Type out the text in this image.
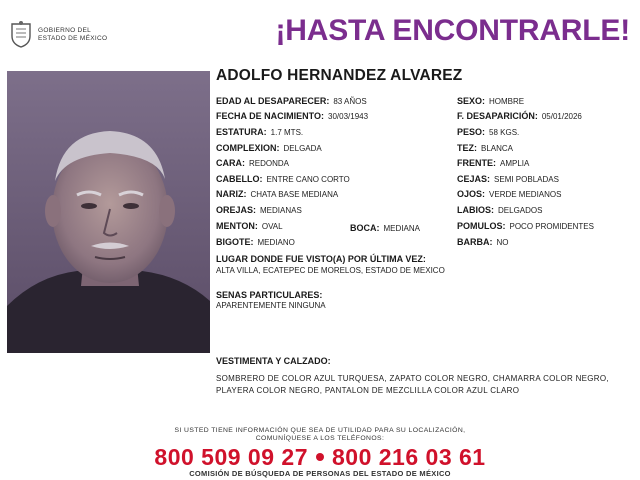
GOBIERNO DEL
ESTADO DE MÉXICO	¡HASTA ENCONTRARLE!
ADOLFO HERNANDEZ ALVAREZ
EDAD AL DESAPARECER: 83 AÑOS
FECHA DE NACIMIENTO: 30/03/1943
ESTATURA: 1.7 MTS.
COMPLEXION: DELGADA
CARA: REDONDA
CABELLO: ENTRE CANO CORTO
NARIZ: CHATA BASE MEDIANA
OREJAS: MEDIANAS
MENTON: OVAL	BOCA: MEDIANA
BIGOTE: MEDIANO
SEXO: HOMBRE
F. DESAPARICIÓN: 05/01/2026
PESO: 58 KGS.
TEZ: BLANCA
FRENTE: AMPLIA
CEJAS: SEMI POBLADAS
OJOS: VERDE MEDIANOS
LABIOS: DELGADOS
POMULOS: POCO PROMIDENTES
BARBA: NO
LUGAR DONDE FUE VISTO(A) POR ÚLTIMA VEZ:
ALTA VILLA, ECATEPEC DE MORELOS, ESTADO DE MEXICO
SENAS PARTICULARES:
APARENTEMENTE NINGUNA
VESTIMENTA Y CALZADO:
SOMBRERO DE COLOR AZUL TURQUESA, ZAPATO COLOR NEGRO, CHAMARRA COLOR NEGRO, PLAYERA COLOR NEGRO, PANTALON DE MEZCLILLA COLOR AZUL CLARO
SI USTED TIENE INFORMACIÓN QUE SEA DE UTILIDAD PARA SU LOCALIZACIÓN,
COMUNÍQUESE A LOS TELÉFONOS:
800 509 09 27 800 216 03 61
COMISIÓN DE BÚSQUEDA DE PERSONAS DEL ESTADO DE MÉXICO
